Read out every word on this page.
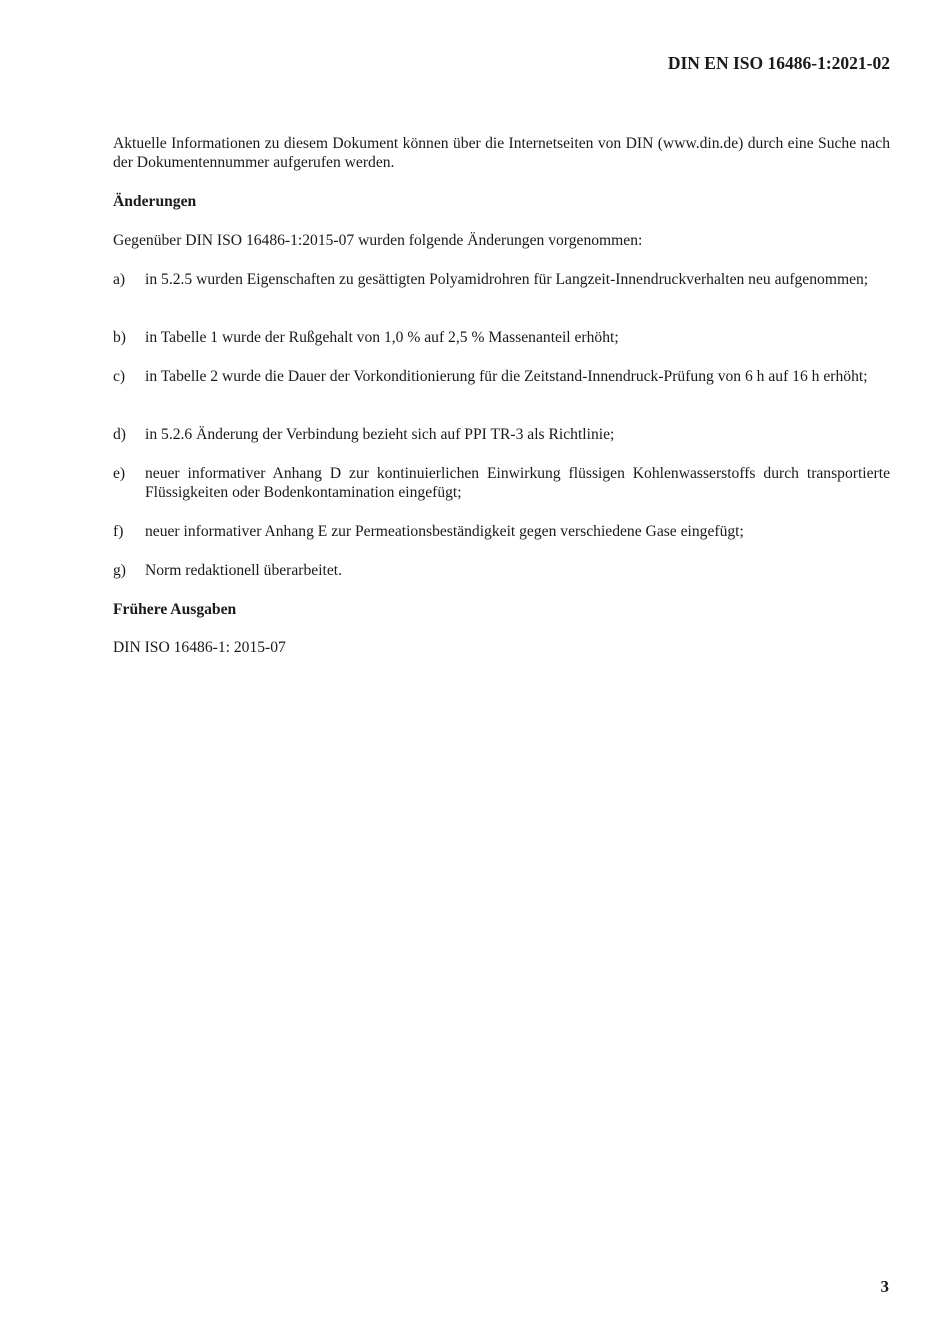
DIN EN ISO 16486-1:2021-02
Aktuelle Informationen zu diesem Dokument können über die Internetseiten von DIN (www.din.de) durch eine Suche nach der Dokumentennummer aufgerufen werden.
Änderungen
Gegenüber DIN ISO 16486-1:2015-07 wurden folgende Änderungen vorgenommen:
a)	in 5.2.5 wurden Eigenschaften zu gesättigten Polyamidrohren für Langzeit-Innendruckverhalten neu aufgenommen;
b)	in Tabelle 1 wurde der Rußgehalt von 1,0 % auf 2,5 % Massenanteil erhöht;
c)	in Tabelle 2 wurde die Dauer der Vorkonditionierung für die Zeitstand-Innendruck-Prüfung von 6 h auf 16 h erhöht;
d)	in 5.2.6 Änderung der Verbindung bezieht sich auf PPI TR-3 als Richtlinie;
e)	neuer informativer Anhang D zur kontinuierlichen Einwirkung flüssigen Kohlenwasserstoffs durch transportierte Flüssigkeiten oder Bodenkontamination eingefügt;
f)	neuer informativer Anhang E zur Permeationsbeständigkeit gegen verschiedene Gase eingefügt;
g)	Norm redaktionell überarbeitet.
Frühere Ausgaben
DIN ISO 16486-1: 2015-07
3
